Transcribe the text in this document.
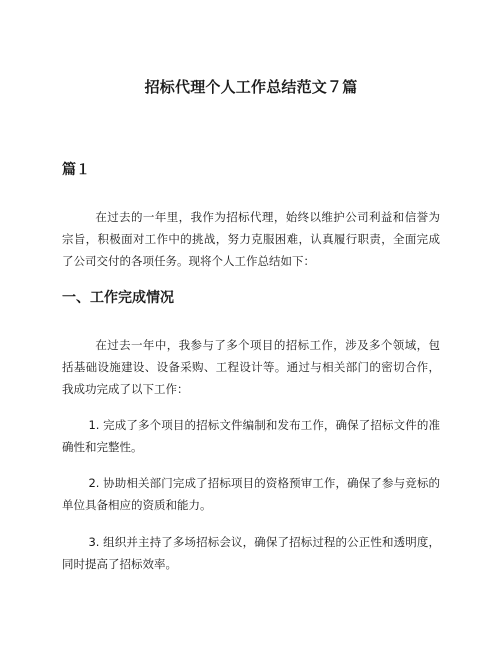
招标代理个人工作总结范文７篇
篇１

在过去的一年里，我作为招标代理，始终以维护公司利益和信誉为宗旨，积极面对工作中的挑战，努力克服困难，认真履行职责，全面完成了公司交付的各项任务。现将个人工作总结如下：

一、工作完成情况

在过去一年中，我参与了多个项目的招标工作，涉及多个领域，包括基础设施建设、设备采购、工程设计等。通过与相关部门的密切合作，我成功完成了以下工作：

1. 完成了多个项目的招标文件编制和发布工作，确保了招标文件的准确性和完整性。

2. 协助相关部门完成了招标项目的资格预审工作，确保了参与竞标的单位具备相应的资质和能力。

3. 组织并主持了多场招标会议，确保了招标过程的公正性和透明度，同时提高了招标效率。
